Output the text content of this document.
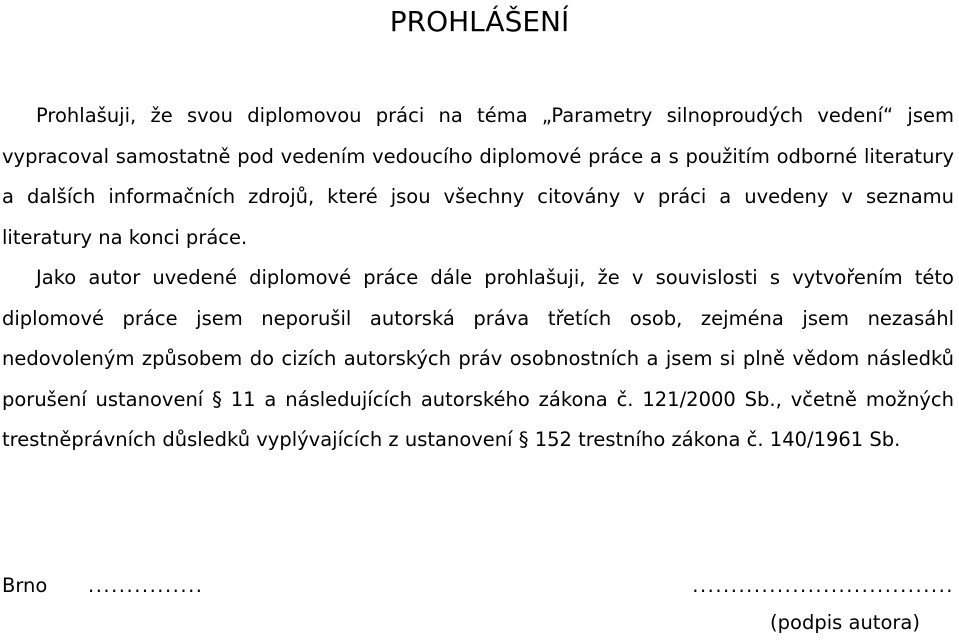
PROHLÁŠENÍ

Prohlašuji, že svou diplomovou práci na téma „Parametry silnoproudých vedení“ jsem vypracoval samostatně pod vedením vedoucího diplomové práce a s použitím odborné literatury a dalších informačních zdrojů, které jsou všechny citovány v práci a uvedeny v seznamu literatury na konci práce.

Jako autor uvedené diplomové práce dále prohlašuji, že v souvislosti s vytvořením této diplomové práce jsem neporušil autorská práva třetích osob, zejména jsem nezasáhl nedovoleným způsobem do cizích autorských práv osobnostních a jsem si plně vědom následků porušení ustanovení § 11 a následujících autorského zákona č. 121/2000 Sb., včetně možných trestněprávních důsledků vyplývajících z ustanovení § 152 trestního zákona č. 140/1961 Sb.

Brno ...............	..................................
(podpis autora)
